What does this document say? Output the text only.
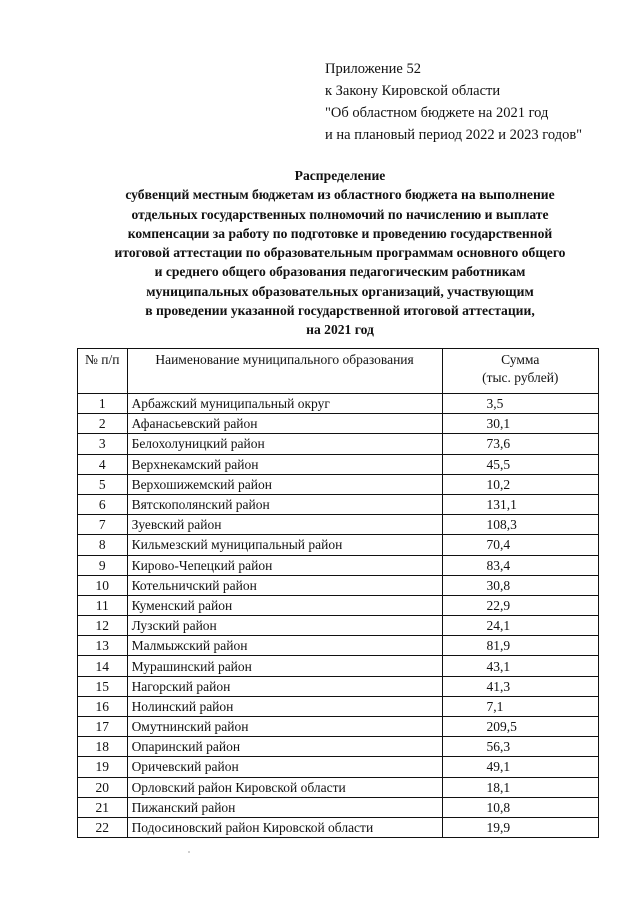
Приложение 52
к Закону Кировской области
"Об областном бюджете на 2021 год
и на плановый период 2022 и 2023 годов"
Распределение
субвенций местным бюджетам из областного бюджета на выполнение
отдельных государственных полномочий по начислению и выплате
компенсации за работу по подготовке и проведению государственной
итоговой аттестации по образовательным программам основного общего
и среднего общего образования педагогическим работникам
муниципальных образовательных организаций, участвующим
в проведении указанной государственной итоговой аттестации,
на 2021 год
№ п/п	Наименование муниципального образования	Сумма
(тыс. рублей)

1	Арбажский муниципальный округ	3,5
2	Афанасьевский район	30,1
3	Белохолуницкий район	73,6
4	Верхнекамский район	45,5
5	Верхошижемский район	10,2
6	Вятскополянский район	131,1
7	Зуевский район	108,3
8	Кильмезский муниципальный район	70,4
9	Кирово-Чепецкий район	83,4
10	Котельничский район	30,8
11	Куменский район	22,9
12	Лузский район	24,1
13	Малмыжский район	81,9
14	Мурашинский район	43,1
15	Нагорский район	41,3
16	Нолинский район	7,1
17	Омутнинский район	209,5
18	Опаринский район	56,3
19	Оричевский район	49,1
20	Орловский район Кировской области	18,1
21	Пижанский район	10,8
22	Подосиновский район Кировской области	19,9
